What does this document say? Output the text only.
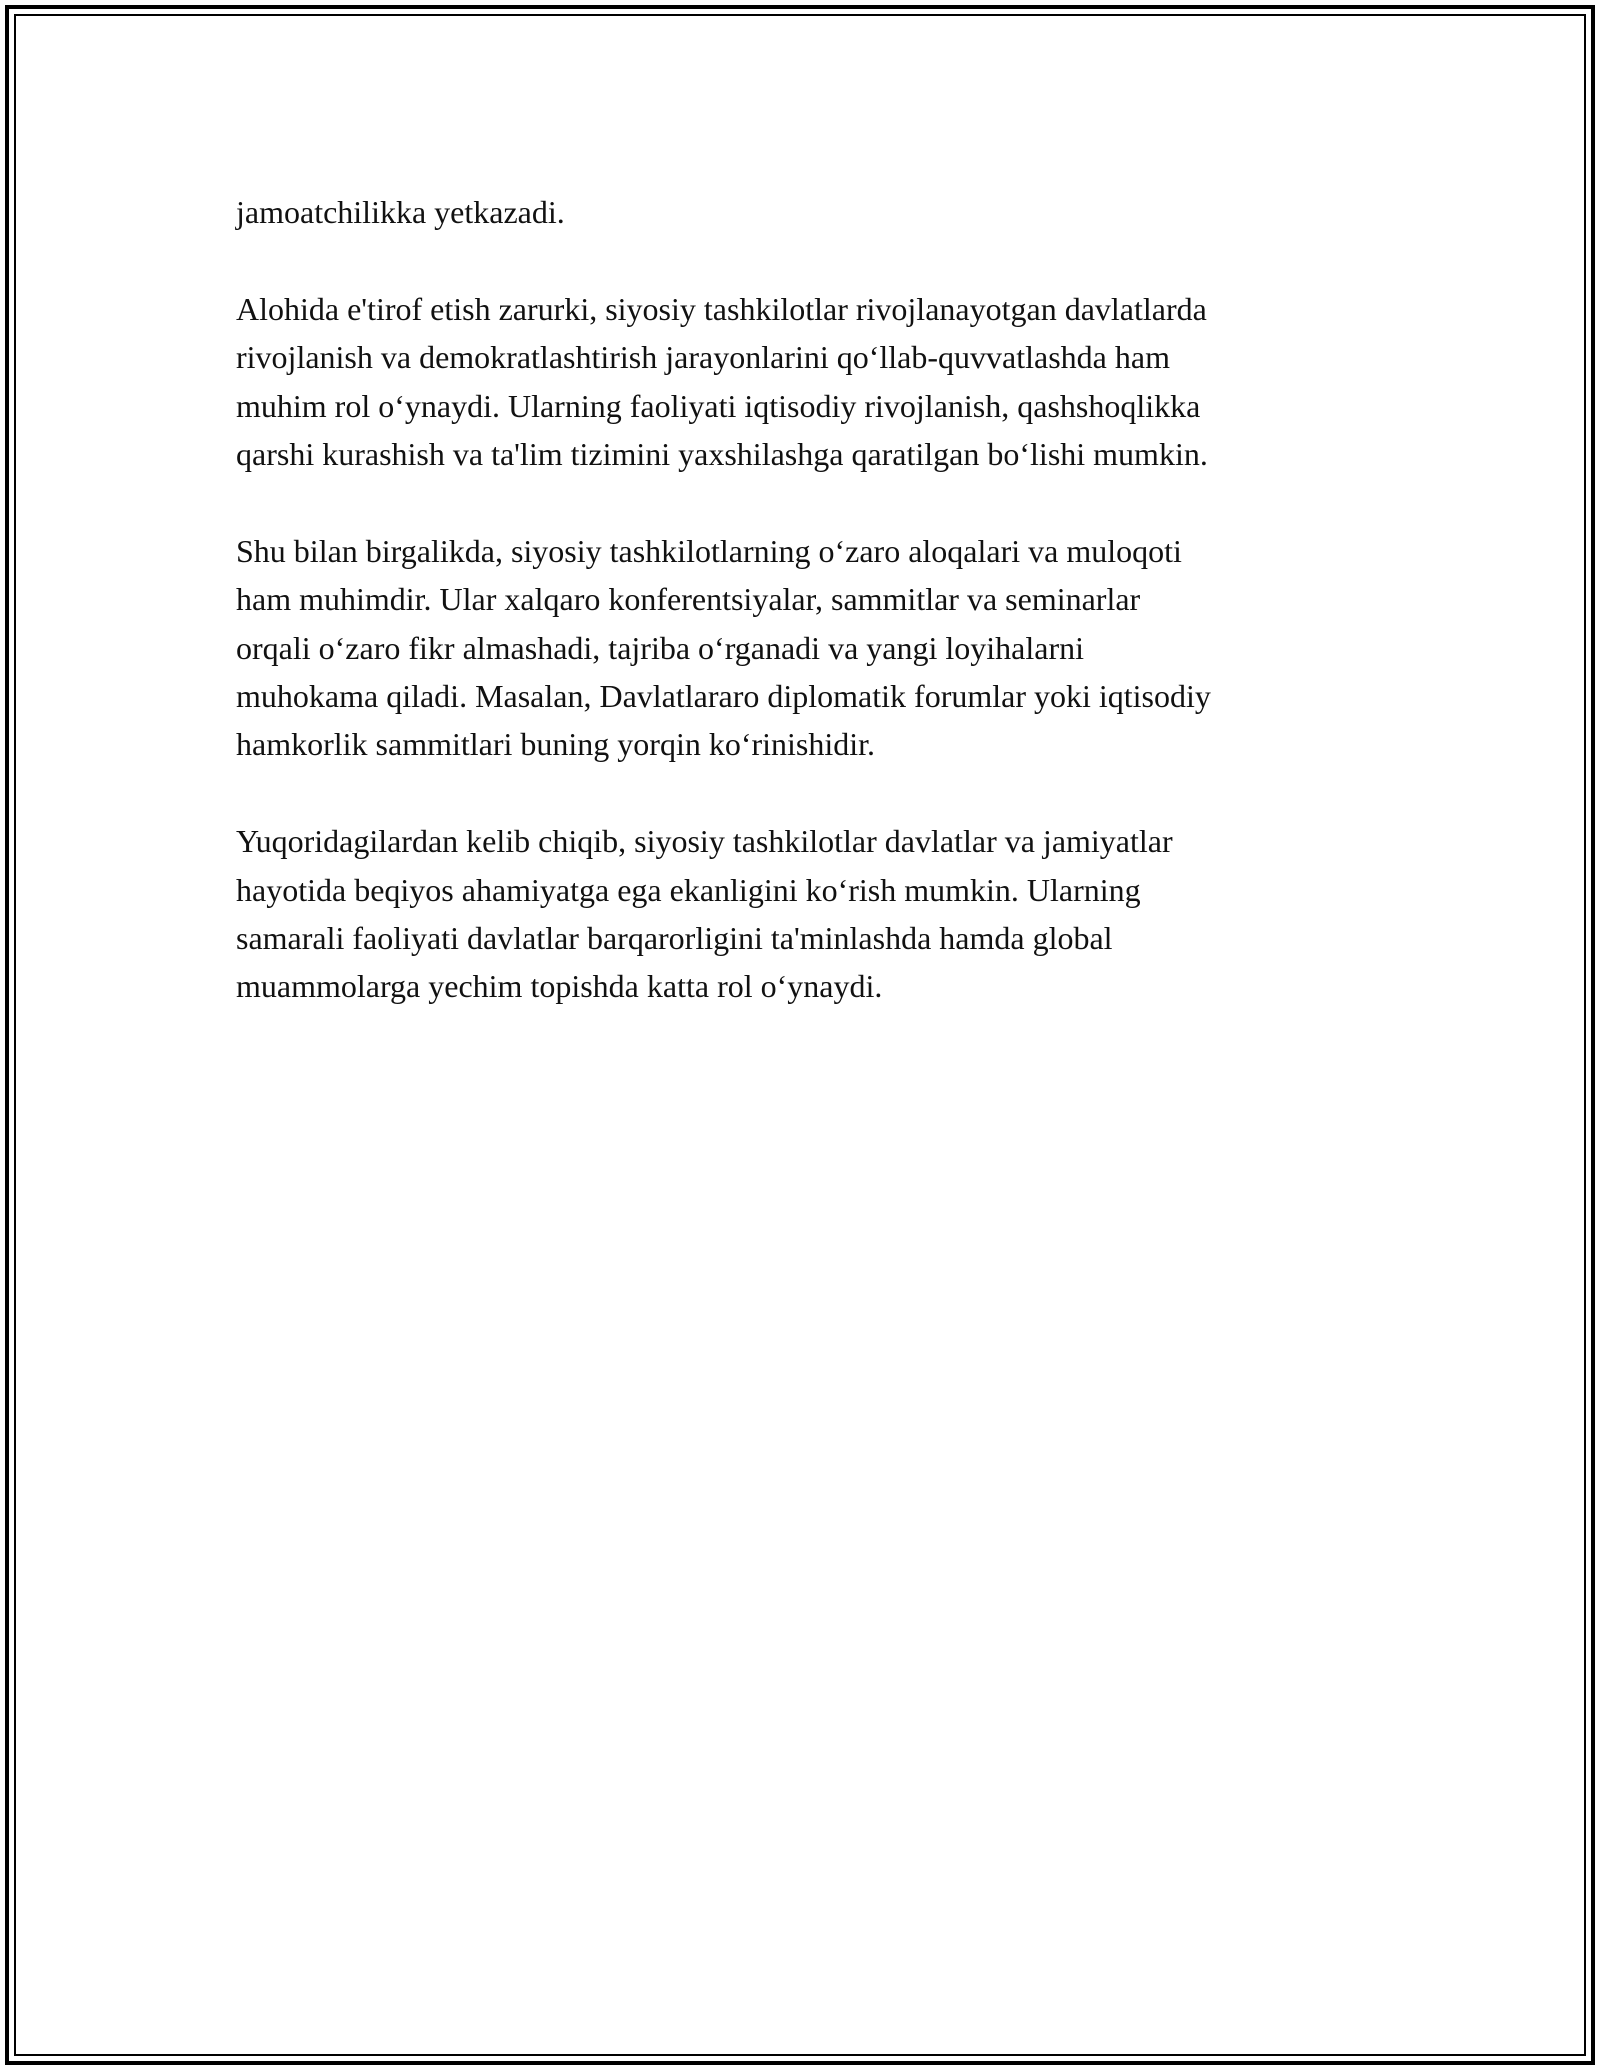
jamoatchilikka yetkazadi.

Alohida e'tirof etish zarurki, siyosiy tashkilotlar rivojlanayotgan davlatlarda
rivojlanish va demokratlashtirish jarayonlarini qo‘llab-quvvatlashda ham
muhim rol o‘ynaydi. Ularning faoliyati iqtisodiy rivojlanish, qashshoqlikka
qarshi kurashish va ta'lim tizimini yaxshilashga qaratilgan bo‘lishi mumkin.

Shu bilan birgalikda, siyosiy tashkilotlarning o‘zaro aloqalari va muloqoti
ham muhimdir. Ular xalqaro konferentsiyalar, sammitlar va seminarlar
orqali o‘zaro fikr almashadi, tajriba o‘rganadi va yangi loyihalarni
muhokama qiladi. Masalan, Davlatlararo diplomatik forumlar yoki iqtisodiy
hamkorlik sammitlari buning yorqin ko‘rinishidir.

Yuqoridagilardan kelib chiqib, siyosiy tashkilotlar davlatlar va jamiyatlar
hayotida beqiyos ahamiyatga ega ekanligini ko‘rish mumkin. Ularning
samarali faoliyati davlatlar barqarorligini ta'minlashda hamda global
muammolarga yechim topishda katta rol o‘ynaydi.
